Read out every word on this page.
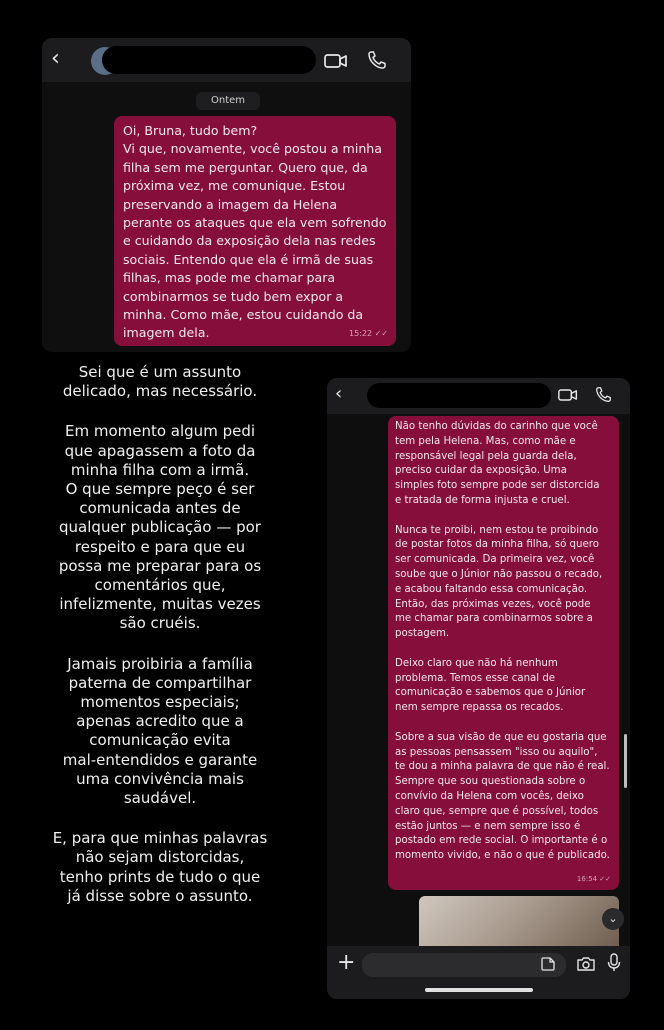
‹
Ontem
Oi, Bruna, tudo bem?
Vi que, novamente, você postou a minha
filha sem me perguntar. Quero que, da
próxima vez, me comunique. Estou
preservando a imagem da Helena
perante os ataques que ela vem sofrendo
e cuidando da exposição dela nas redes
sociais. Entendo que ela é irmã de suas
filhas, mas pode me chamar para
combinarmos se tudo bem expor a
minha. Como mãe, estou cuidando da
imagem dela.	15:22 ✓✓

Sei que é um assunto
delicado, mas necessário.

Em momento algum pedi
que apagassem a foto da
minha filha com a irmã.
O que sempre peço é ser
comunicada antes de
qualquer publicação — por
respeito e para que eu
possa me preparar para os
comentários que,
infelizmente, muitas vezes
são cruéis.

Jamais proibiria a família
paterna de compartilhar
momentos especiais;
apenas acredito que a
comunicação evita
mal-entendidos e garante
uma convivência mais
saudável.

E, para que minhas palavras
não sejam distorcidas,
tenho prints de tudo o que
já disse sobre o assunto.

‹

Não tenho dúvidas do carinho que você
tem pela Helena. Mas, como mãe e
responsável legal pela guarda dela,
preciso cuidar da exposição. Uma
simples foto sempre pode ser distorcida
e tratada de forma injusta e cruel.

Nunca te proibi, nem estou te proibindo
de postar fotos da minha filha, só quero
ser comunicada. Da primeira vez, você
soube que o Júnior não passou o recado,
e acabou faltando essa comunicação.
Então, das próximas vezes, você pode
me chamar para combinarmos sobre a
postagem.

Deixo claro que não há nenhum
problema. Temos esse canal de
comunicação e sabemos que o Júnior
nem sempre repassa os recados.

Sobre a sua visão de que eu gostaria que
as pessoas pensassem "isso ou aquilo",
te dou a minha palavra de que não é real.
Sempre que sou questionada sobre o
convívio da Helena com vocês, deixo
claro que, sempre que é possível, todos
estão juntos — e nem sempre isso é
postado em rede social. O importante é o
momento vivido, e não o que é publicado.

16:54 ✓✓
⌄
+
